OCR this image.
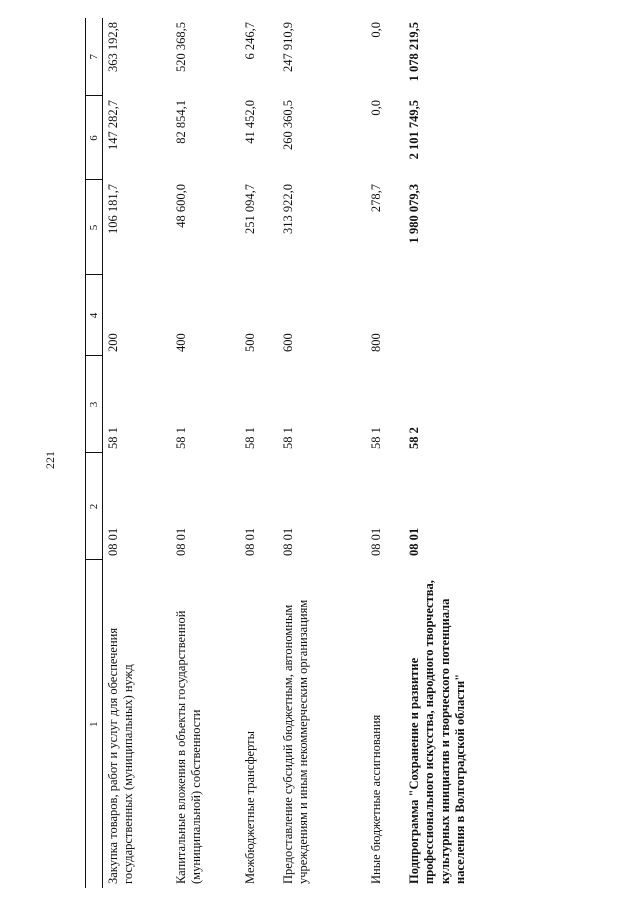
221
1	2	3	4	5	6	7
Закупка товаров, работ и услуг для обеспечения государственных (муниципальных) нужд	08 01	58 1	200	106 181,7	147 282,7	363 192,8
Капитальные вложения в объекты государственной (муниципальной) собственности	08 01	58 1	400	48 600,0	82 854,1	520 368,5
Межбюджетные трансферты	08 01	58 1	500	251 094,7	41 452,0	6 246,7
Предоставление субсидий бюджетным, автономным учреждениям и иным некоммерческим организациям	08 01	58 1	600	313 922,0	260 360,5	247 910,9
Иные бюджетные ассигнования	08 01	58 1	800	278,7	0,0	0,0
Подпрограмма "Сохранение и развитие профессионального искусства, народного творчества, культурных инициатив и творческого потенциала населения в Волгоградской области"	08 01	58 2		1 980 079,3	2 101 749,5	1 078 219,5
